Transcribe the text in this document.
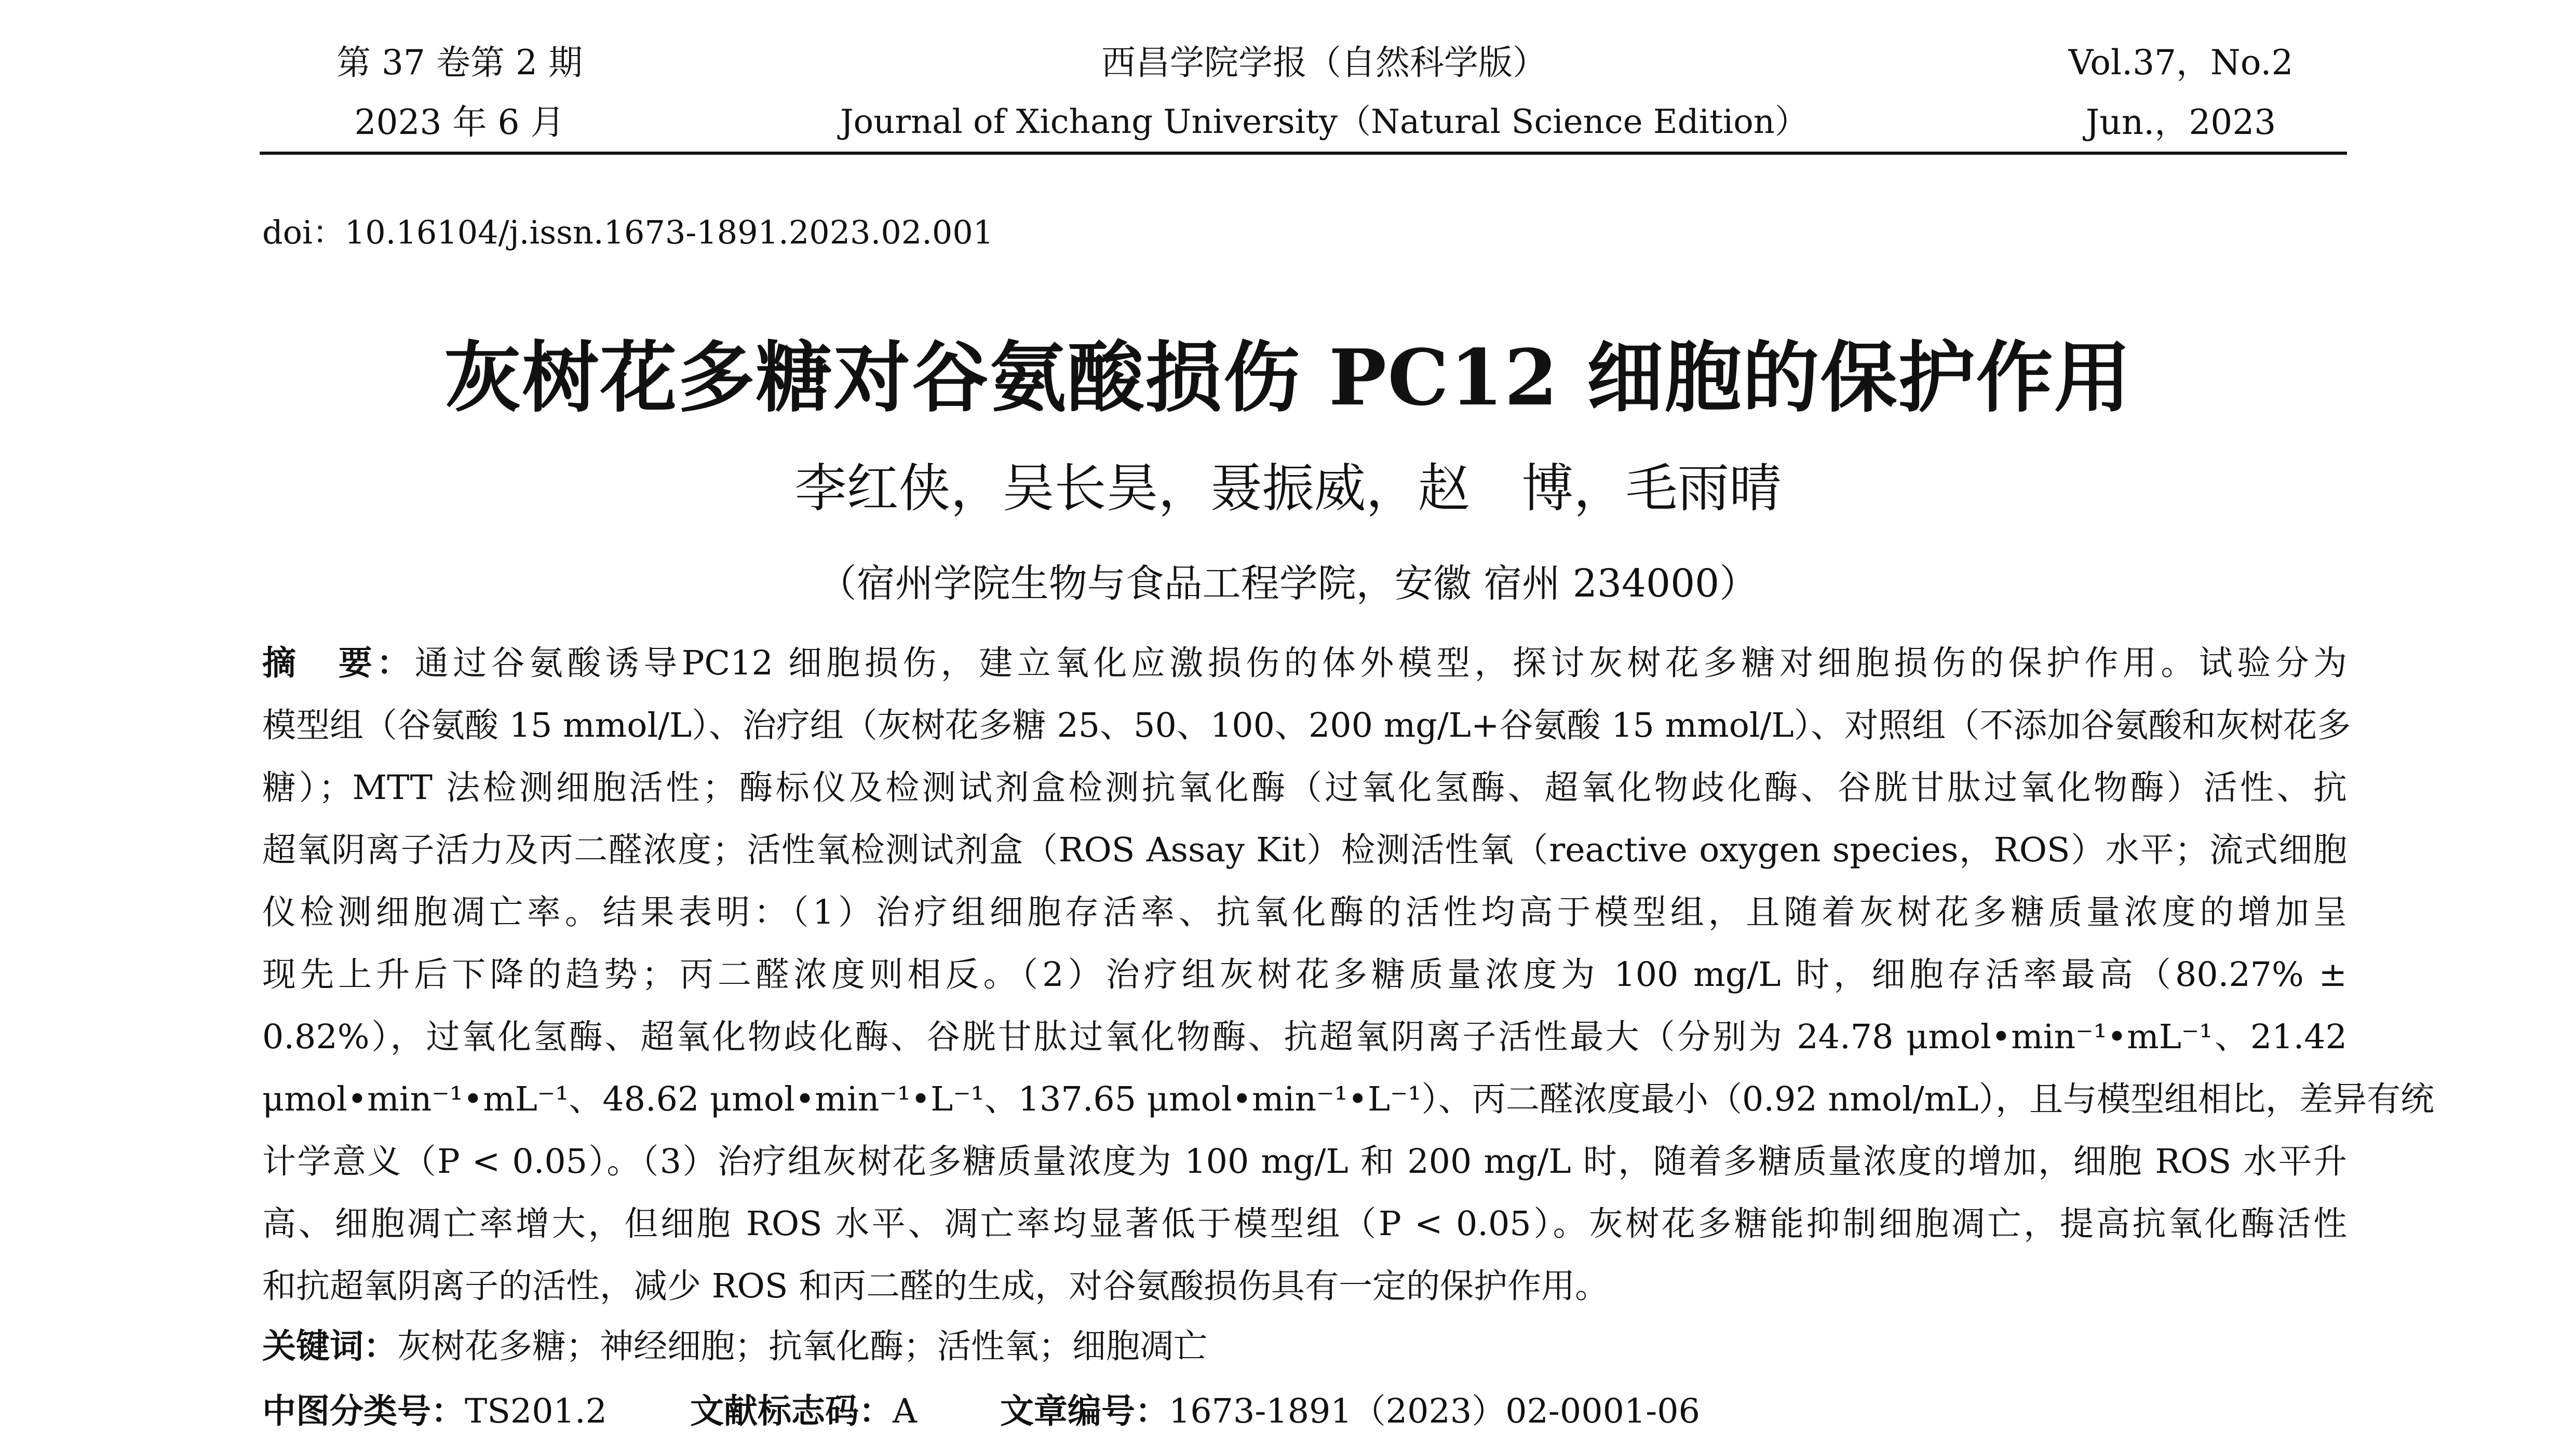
第 37 卷第 2 期
2023 年 6 月
西昌学院学报（自然科学版）
Journal of Xichang University（Natural Science Edition）
Vol.37，No.2
Jun.，2023
doi：10.16104/j.issn.1673-1891.2023.02.001
灰树花多糖对谷氨酸损伤 PC12 细胞的保护作用
李红侠，吴长昊，聂振威，赵　博，毛雨晴
（宿州学院生物与食品工程学院，安徽 宿州 234000）
摘　要：通过谷氨酸诱导PC12 细胞损伤，建立氧化应激损伤的体外模型，探讨灰树花多糖对细胞损伤的保护作用。试验分为
模型组（谷氨酸 15 mmol/L）、治疗组（灰树花多糖 25、50、100、200 mg/L+谷氨酸 15 mmol/L）、对照组（不添加谷氨酸和灰树花多
糖）；MTT 法检测细胞活性；酶标仪及检测试剂盒检测抗氧化酶（过氧化氢酶、超氧化物歧化酶、谷胱甘肽过氧化物酶）活性、抗
超氧阴离子活力及丙二醛浓度；活性氧检测试剂盒（ROS Assay Kit）检测活性氧（reactive oxygen species，ROS）水平；流式细胞
仪检测细胞凋亡率。结果表明：（1）治疗组细胞存活率、抗氧化酶的活性均高于模型组，且随着灰树花多糖质量浓度的增加呈
现先上升后下降的趋势；丙二醛浓度则相反。（2）治疗组灰树花多糖质量浓度为 100 mg/L 时，细胞存活率最高（80.27% ±
0.82%），过氧化氢酶、超氧化物歧化酶、谷胱甘肽过氧化物酶、抗超氧阴离子活性最大（分别为 24.78 μmol•min⁻¹•mL⁻¹、21.42
μmol•min⁻¹•mL⁻¹、48.62 μmol•min⁻¹•L⁻¹、137.65 μmol•min⁻¹•L⁻¹）、丙二醛浓度最小（0.92 nmol/mL），且与模型组相比，差异有统
计学意义（P < 0.05）。（3）治疗组灰树花多糖质量浓度为 100 mg/L 和 200 mg/L 时，随着多糖质量浓度的增加，细胞 ROS 水平升
高、细胞凋亡率增大，但细胞 ROS 水平、凋亡率均显著低于模型组（P < 0.05）。灰树花多糖能抑制细胞凋亡，提高抗氧化酶活性
和抗超氧阴离子的活性，减少 ROS 和丙二醛的生成，对谷氨酸损伤具有一定的保护作用。
关键词：灰树花多糖；神经细胞；抗氧化酶；活性氧；细胞凋亡
中图分类号：TS201.2 文献标志码：A 文章编号：1673-1891（2023）02-0001-06
